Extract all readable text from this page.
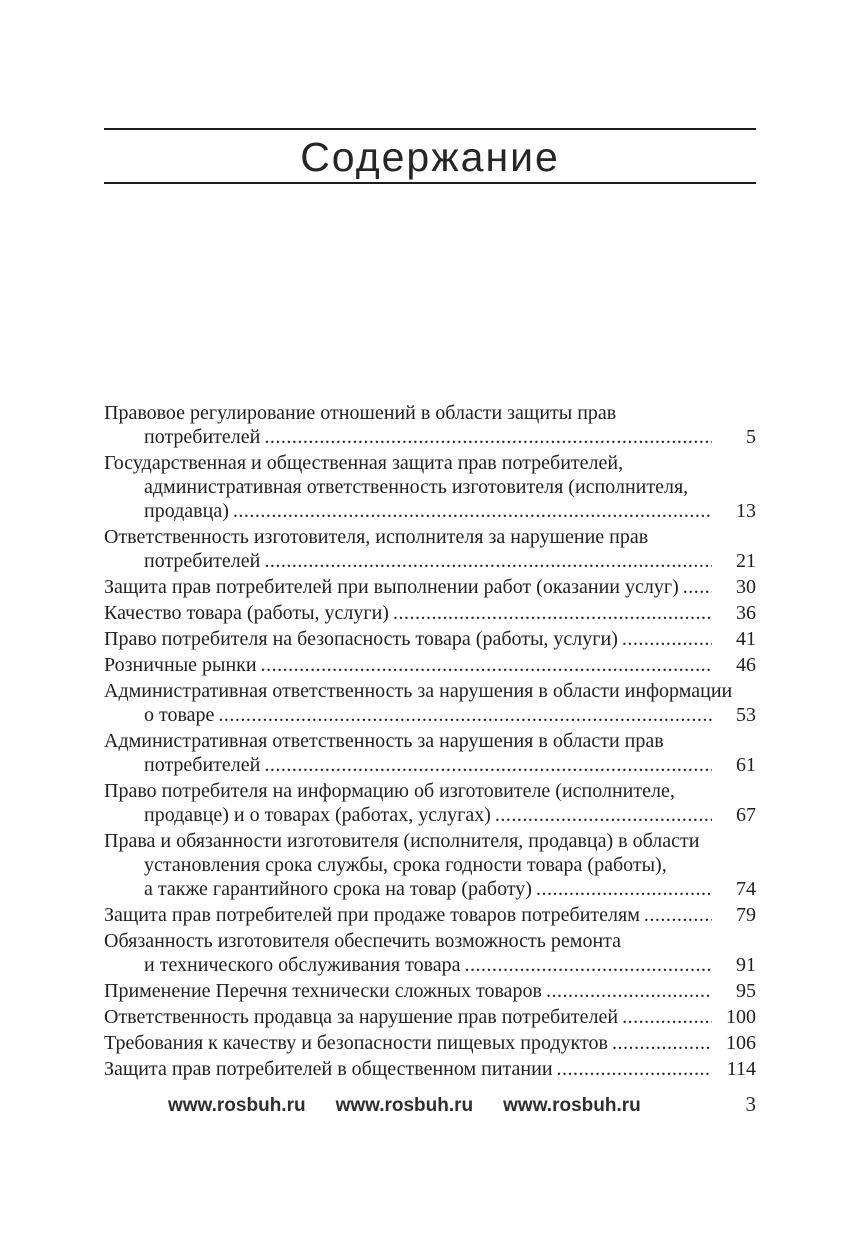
Содержание
Правовое регулирование отношений в области защиты прав
потребителей .....	5
Государственная и общественная защита прав потребителей,
административная ответственность изготовителя (исполнителя,
продавца) .....	13
Ответственность изготовителя, исполнителя за нарушение прав
потребителей .....	21
Защита прав потребителей при выполнении работ (оказании услуг) .....	30
Качество товара (работы, услуги) .....	36
Право потребителя на безопасность товара (работы, услуги) .....	41
Розничные рынки .....	46
Административная ответственность за нарушения в области информации
о товаре .....	53
Административная ответственность за нарушения в области прав
потребителей .....	61
Право потребителя на информацию об изготовителе (исполнителе,
продавце) и о товарах (работах, услугах) .....	67
Права и обязанности изготовителя (исполнителя, продавца) в области
установления срока службы, срока годности товара (работы),
а также гарантийного срока на товар (работу) .....	74
Защита прав потребителей при продаже товаров потребителям .....	79
Обязанность изготовителя обеспечить возможность ремонта
и технического обслуживания товара .....	91
Применение Перечня технически сложных товаров .....	95
Ответственность продавца за нарушение прав потребителей .....	100
Требования к качеству и безопасности пищевых продуктов .....	106
Защита прав потребителей в общественном питании .....	114
www.rosbuh.ru www.rosbuh.ru www.rosbuh.ru	3
